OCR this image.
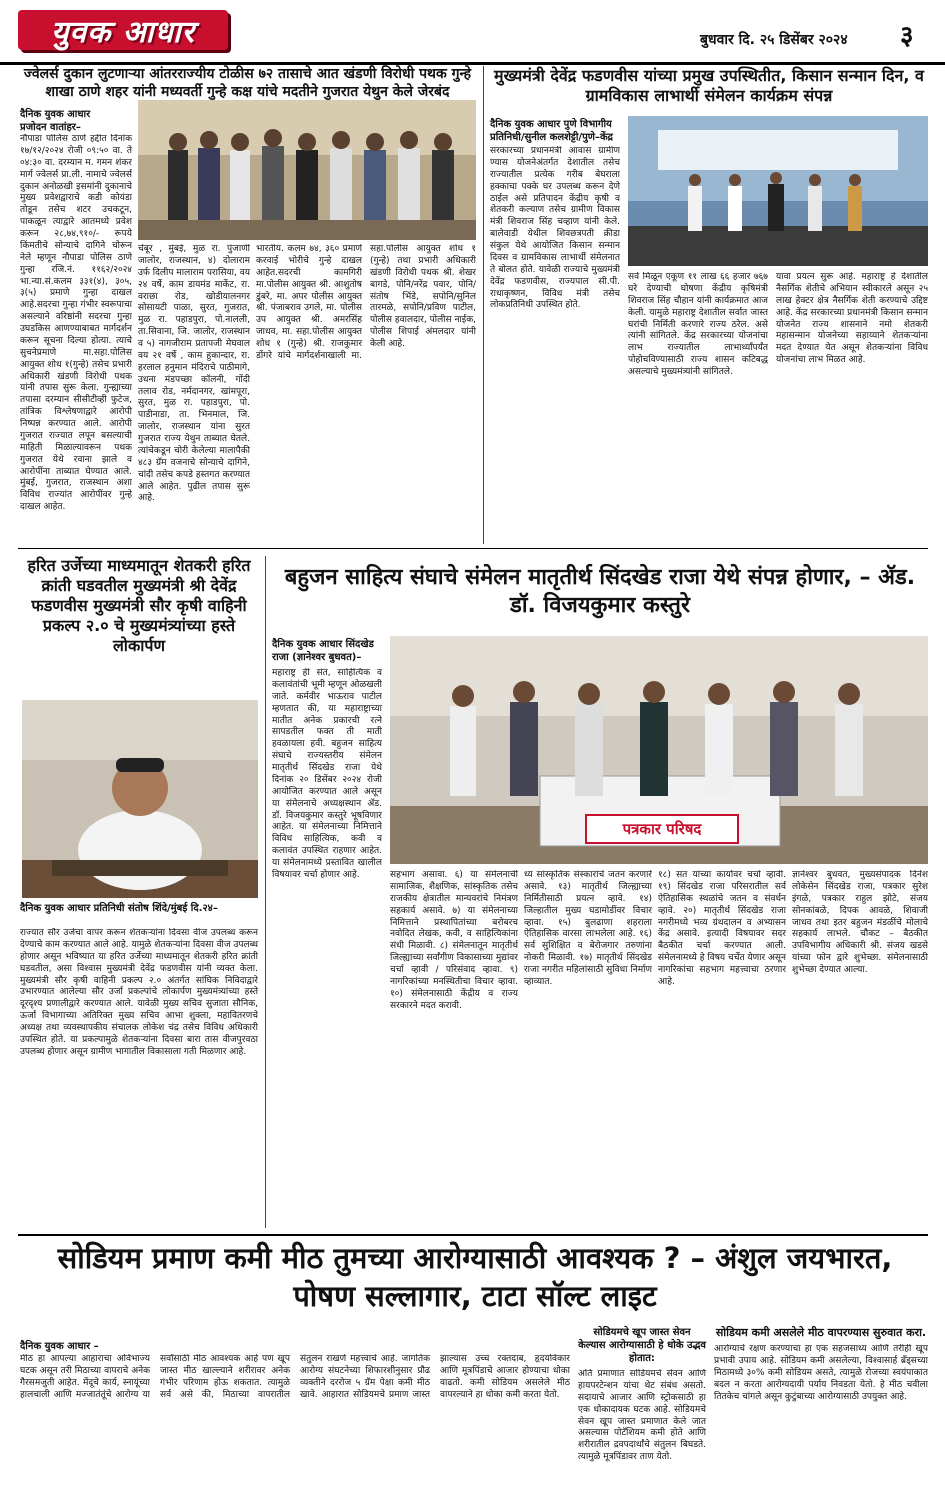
युवक आधार	बुधवार दि. २५ डिसेंबर २०२४ ३
ज्वेलर्स दुकान लुटणाऱ्या आंतरराज्यीय टोळीस ७२ तासाचे आत खंडणी विरोधी पथक गुन्हे शाखा ठाणे शहर यांनी मध्यवर्ती गुन्हे कक्ष यांचे मदतीने गुजरात येथुन केले जेरबंद
दैनिक युवक आधार
प्रजोदन वातांहर–
नौपाडा पोलिस ठाणे हद्दीत दिनांक १७/१२/२०२४ रोजी ०९:५० वा. ते ०४:३० वा. दरम्यान म. गमन शंकर मार्ग ज्वेलर्स प्रा.ली. नामाचे ज्वेलर्स दुकान अनोळखी इसमांनी दुकानाचे मुख्य प्रवेशद्वाराचे कडी कोयंडा तोडून तसेच शटर उचकटून, पाकळून त्याद्वारे आतमध्ये प्रवेश करून २८,७४,९१०/- रूपये किंमतीचे सोन्याचे दागिने चोरून नेले म्हणून नौपाडा पोलिस ठाणे गुन्हा रजि.नं. ११६२/२०२४ भा.न्या.सं.कलम ३३१(४), ३०५, ३(५) प्रमाणे गुन्हा दाखल आहे.सदरचा गुन्हा गंभीर स्वरूपाचा असल्याने वरिष्ठांनी सदरचा गुन्हा उघडकिस आणण्याबाबत मार्गदर्शन करून सूचना दिल्या होत्या. त्याचे सुचनेप्रमाणे मा.सहा.पोलिस आयुक्त शोध १(गुन्हे) तसेच प्रभारी अधिकारी खंडणी विरोधी पथक यांनी तपास सुरू केला. गुन्ह्याच्या तपासा दरम्यान सीसीटीव्ही फुटेज, तांत्रिक विश्लेषणाद्वारे आरोपी निष्पन्न करण्यात आले. आरोपी गुजरात राज्यात लपून बसल्याची माहिती मिळाल्यावरून पथक गुजरात येथे रवाना झाले व आरोपींना ताब्यात घेण्यात आले. मुंबई, गुजरात, राजस्थान अशा विविध राज्यांत आरोपींवर गुन्हे दाखल आहेत.
चेंबूर , मुंबई, मुळ रा. पुंजाणी जालोर, राजस्थान, ४) दोलाराम उर्फ दिलीप मालाराम परासिया, वय २४ वर्षे, काम डायमंड मार्केट, रा. वराछा रोड, खोडीयालनगर सोसायटी पाळा, सुरत, गुजरात, मुळ रा. पहाडपुरा, पो.नालली, ता.सिवाना, जि. जालोर, राजस्थान व ५) नागजीराम प्रतापजी मेघवाल वय २१ वर्षे , काम हुकान्दार, रा. हरलाल हनुमान मंदिराचे पाठीमागे, उधना मंडपच्छा कॉलनी, गोंदी तलाव रोड, नर्मदानगर, खांमपूरा, सुरत, मुळ रा. पहाडपुरा, पो. पाडीनाडा, ता. भिनमाल, जि. जालोर, राजस्थान यांना सुरत गुजरात राज्य येथुन ताब्यात घेतले. त्यांचेकडून चोरी केलेल्या मालापैकी ४८३ ग्रॅम वजनाचे सोन्याचे दागिने, चांदी तसेच कपडे हस्तगत करण्यात आले आहेत. पुढील तपास सुरू आहे.
भारतीय. कलम ७४, ३६० प्रमाणे करवाई भोरीचे गुन्हे दाखल आहेत.सदरची कामगिरी मा.पोलीस आयुक्त श्री. आशुतोष डुंबरे, मा. अपर पोलीस आयुक्त श्री. पंजाबराव उगले, मा. पोलीस उप आयुक्त श्री. अमरसिंह जाधव, मा. सहा.पोलीस आयुक्त शोध १ (गुन्हे) श्री. राजकुमार डोंगरे यांचे मार्गदर्शनाखाली मा. सहा.पोलीस आयुक्त शोध १ (गुन्हे) तथा प्रभारी अधिकारी खंडणी विरोधी पथक श्री. शेखर बागडे, पोनि/नरेंद्र पवार, पोनि/संतोष भिंडे, सपोनि/सुनिल तारमळे, सपोनि/प्रविण पाटील, पोलीस हवालदार, पोलीस नाईक, पोलीस शिपाई अंमलदार यांनी केली आहे.
मुख्यमंत्री देवेंद्र फडणवीस यांच्या प्रमुख उपस्थितीत, किसान सन्मान दिन, व ग्रामविकास लाभार्थी संमेलन कार्यक्रम संपन्न
दैनिक युवक आधार पुणे विभागीय प्रतिनिधी/सुनील कलशेट्टी/पुणे–केंद्र
सरकारच्या प्रधानमंत्री आवास ग्रामीण ण्यास योजनेअंतर्गत देशातील तसेच राज्यातील प्रत्येक गरीब बेघराला हक्काचा पक्के घर उपलब्ध करून देणे ठाईल असे प्रतिपादन केंद्रीय कृषी व शेतकरी कल्याण तसेच ग्रामीण विकास मंत्री शिवराज सिंह चव्हाण यांनी केले. बालेवाडी येथील शिवछत्रपती क्रीडा संकुल येथे आयोजित किसान सन्मान दिवस व ग्रामविकास लाभार्थी संमेलनात ते बोलत होते. यावेळी राज्याचे मुख्यमंत्री देवेंद्र फडणवीस, राज्यपाल सी.पी. राधाकृष्णन, विविध मंत्री तसेच लोकप्रतिनिधी उपस्थित होते.
सर्व मिळून एकूण ११ लाख ६६ हजार ७६७ घरे देण्याची घोषणा केंद्रीय कृषिमंत्री शिवराज सिंह चौहान यांनी कार्यक्रमात आज केली. यामुळे महाराष्ट्र देशातील सर्वात जास्त घरांची निर्मिती करणारे राज्य ठरेल. असे त्यांनी सांगितले. केंद्र सरकारच्या योजनांचा लाभ राज्यातील लाभार्थ्यांपर्यंत पोहोचविण्यासाठी राज्य शासन कटिबद्ध असल्याचे मुख्यमंत्र्यांनी सांगितले.
यावा प्रयत्न सुरू आहे. महाराष्ट्र हे देशातील नैसर्गिक शेतीचे अभियान स्वीकारले असून २५ लाख हेक्टर क्षेत्र नैसर्गिक शेती करण्याचे उद्दिष्ट आहे. केंद्र सरकारच्या प्रधानमंत्री किसान सन्मान योजनेत राज्य शासनाने नमो शेतकरी महासन्मान योजनेच्या सहाय्याने शेतकऱ्यांना मदत देण्यात येत असून शेतकऱ्यांना विविध योजनांचा लाभ मिळत आहे.
हरित उर्जेच्या माध्यमातून शेतकरी हरित क्रांती घडवतील मुख्यमंत्री श्री देवेंद्र फडणवीस मुख्यमंत्री सौर कृषी वाहिनी प्रकल्प २.० चे मुख्यमंत्र्यांच्या हस्ते लोकार्पण
दैनिक युवक आधार प्रतिनिधी संतोष शिंदे/मुंबई दि.२४–
राज्यात सौर उर्जेचा वापर करून शेतकऱ्यांना दिवसा वीज उपलब्ध करून देण्याचे काम करण्यात आले आहे. यामुळे शेतकऱ्यांना दिवसा वीज उपलब्ध होणार असून भविष्यात या हरित उर्जेच्या माध्यमातून शेतकरी हरित क्रांती घडवतील, असा विश्वास मुख्यमंत्री देवेंद्र फडणवीस यांनी व्यक्त केला. मुख्यमंत्री सौर कृषी वाहिनी प्रकल्प २.० अंतर्गत सांघिक निविदाद्वारे उभारण्यात आलेल्या सौर उर्जा प्रकल्पांचे लोकार्पण मुख्यमंत्र्यांच्या हस्ते दूरदृश्य प्रणालीद्वारे करण्यात आले. यावेळी मुख्य सचिव सुजाता सौनिक, ऊर्जा विभागाच्या अतिरिक्त मुख्य सचिव आभा शुक्ला, महावितरणचे अध्यक्ष तथा व्यवस्थापकीय संचालक लोकेश चंद्र तसेच विविध अधिकारी उपस्थित होते. या प्रकल्पामुळे शेतकऱ्यांना दिवसा बारा तास वीजपुरवठा उपलब्ध होणार असून ग्रामीण भागातील विकासाला गती मिळणार आहे.
बहुजन साहित्य संघाचे संमेलन मातृतीर्थ सिंदखेड राजा येथे संपन्न होणार, – ॲड. डॉ. विजयकुमार कस्तुरे
दैनिक युवक आधार सिंदखेड राजा (ज्ञानेश्वर बुधवत)–
महाराष्ट्र ही संत, साहित्यिक व कलावंतांची भूमी म्हणून ओळखली जाते. कर्मवीर भाऊराव पाटील म्हणतात की, या महाराष्ट्राच्या मातीत अनेक प्रकारची रत्ने सापडतील फक्त ती माती हवळायला हवी. बहुजन साहित्य संघाचे राज्यस्तरीय संमेलन मातृतीर्थ सिंदखेड राजा येथे दिनांक २० डिसेंबर २०२४ रोजी आयोजित करण्यात आले असून या संमेलनाचे अध्यक्षस्थान ॲड. डॉ. विजयकुमार कस्तुरे भूषविणार आहेत. या संमेलनाच्या निमित्ताने विविध साहित्यिक, कवी व कलावंत उपस्थित राहणार आहेत. या संमेलनामध्ये प्रस्तावित खालील विषयावर चर्चा होणार आहे.
पत्रकार परिषद
सहभाग असावा. ६) या संमेलनाची सामाजिक, शैक्षणिक, सांस्कृतिक तसेच राजकीय क्षेत्रातील मान्यवरांचे निमंत्रण सहकार्य असावे. ७) या संमेलनाच्या निमित्ताने प्रस्थापितांच्या बरोबरच नवोदित लेखक, कवी, व साहित्यिकांना संधी मिळावी. ८) संमेलनातून मातृतीर्थ जिल्ह्याच्या सर्वांगीण विकासाच्या मुद्यांवर चर्चा व्हावी / परिसंवाद व्हावा. ९) नागरिकांच्या मनस्थितीचा विचार व्हावा. १०) संमेलनासाठी केंद्रीय व राज्य सरकारने मदत करावी.
ध्य सांस्कृतिक संस्कारांचे जतन करणारे असावे. १३) मातृतीर्थ जिल्ह्याच्या निर्मितीसाठी प्रयत्न व्हावे. १४) जिल्हातील मुख्य घडामोडींवर विचार व्हावा. १५) बुलढाणा शहराला ऐतिहासिक वारसा लाभलेला आहे. १६) सर्व सुशिक्षित व बेरोजगार तरुणांना नोकरी मिळावी. १७) मातृतीर्थ सिंदखेड राजा नगरीत महिलांसाठी सुविधा निर्माण व्हाव्यात.
१८) सत यांच्या कार्यावर चर्चा व्हावी. १९) सिंदखेड राजा परिसरातील सर्व ऐतिहासिक स्थळांचे जतन व संवर्धन व्हावे. २०) मातृतीर्थ सिंदखेड राजा नगरीमध्ये भव्य ग्रंथदालन व अभ्यासन केंद्र असावे. इत्यादी विषयावर सदर बैठकीत चर्चा करण्यात आली. संमेलनामध्ये हे विषय चर्चेत येणार असून नागरिकांचा सहभाग महत्त्वाचा ठरणार आहे.
ज्ञानेश्वर बुधवत, मुख्यसंपादक दिनेश लोकेसेन सिंदखेड राजा, पत्रकार सुरेश इंगळे, पत्रकार राहुल झोटे, संजय सोनकांबळे, दिपक आवळे, शिवाजी जाधव तथा इतर बहुजन मंडळींचे मोलाचे सहकार्य लाभले. चौकट – बैठकीत उपविभागीय अधिकारी श्री. संजय खडसे यांच्या फोन द्वारे शुभेच्छा. संमेलनासाठी शुभेच्छा देण्यात आल्या.
सोडियम प्रमाण कमी मीठ तुमच्या आरोग्यासाठी आवश्यक ? – अंशुल जयभारत, पोषण सल्लागार, टाटा सॉल्ट लाइट
दैनिक युवक आधार –
मीठ हा आपल्या आहाराचा अविभाज्य घटक असून तरी मिठाच्या वापराचे अनेक गैरसमजुती आहेत. मेंदूचे कार्य, स्नायूंच्या हालचाली आणि मज्जातंतूंचे आरोग्य या सर्वांसाठी मीठ आवश्यक आहे पण खूप जास्त मीठ खाल्ल्याने शरीरावर अनेक गंभीर परिणाम होऊ शकतात. त्यामुळे सर्व असे की, मिठाच्या वापरातील संतुलन राखणे महत्त्वाचे आहे. जागतिक आरोग्य संघटनेच्या शिफारशीनुसार प्रौढ व्यक्तीने दररोज ५ ग्रॅम पेक्षा कमी मीठ खावे. आहारात सोडियमचे प्रमाण जास्त झाल्यास उच्च रक्तदाब, हृदयविकार आणि मूत्रपिंडाचे आजार होण्याचा धोका वाढतो. कमी सोडियम असलेले मीठ वापरल्याने हा धोका कमी करता येतो.
सोडियमचे खूप जास्त सेवन केल्यास आरोग्यासाठी हे धोके उद्भव होतात:
अति प्रमाणात सोडियमचे सेवन आणि हायपरटेन्शन यांचा थेट संबंध असतो. सदायाचे आजार आणि स्ट्रोकसाठी हा एक धोकादायक घटक आहे. सोडियमचे सेवन खूप जास्त प्रमाणात केले जात असल्यास पोटॅशियम कमी होते आणि शरीरातील द्रवपदार्थांचे संतुलन बिघडते. त्यामुळे मूत्रपिंडावर ताण येतो.
सोडियम कमी असलेले मीठ वापरण्यास सुरुवात करा.
आरोग्याचे रक्षण करण्याचा हा एक सहजसाध्य आणि तरीही खूप प्रभावी उपाय आहे. सोडियम कमी असलेल्या, विश्वासार्ह ब्रँड्सच्या मिठामध्ये ३०% कमी सोडियम असते, त्यामुळे रोजच्या स्वयंपाकात बदल न करता आरोग्यदायी पर्याय निवडता येतो. हे मीठ चवीला तितकेच चांगले असून कुटुंबाच्या आरोग्यासाठी उपयुक्त आहे.
